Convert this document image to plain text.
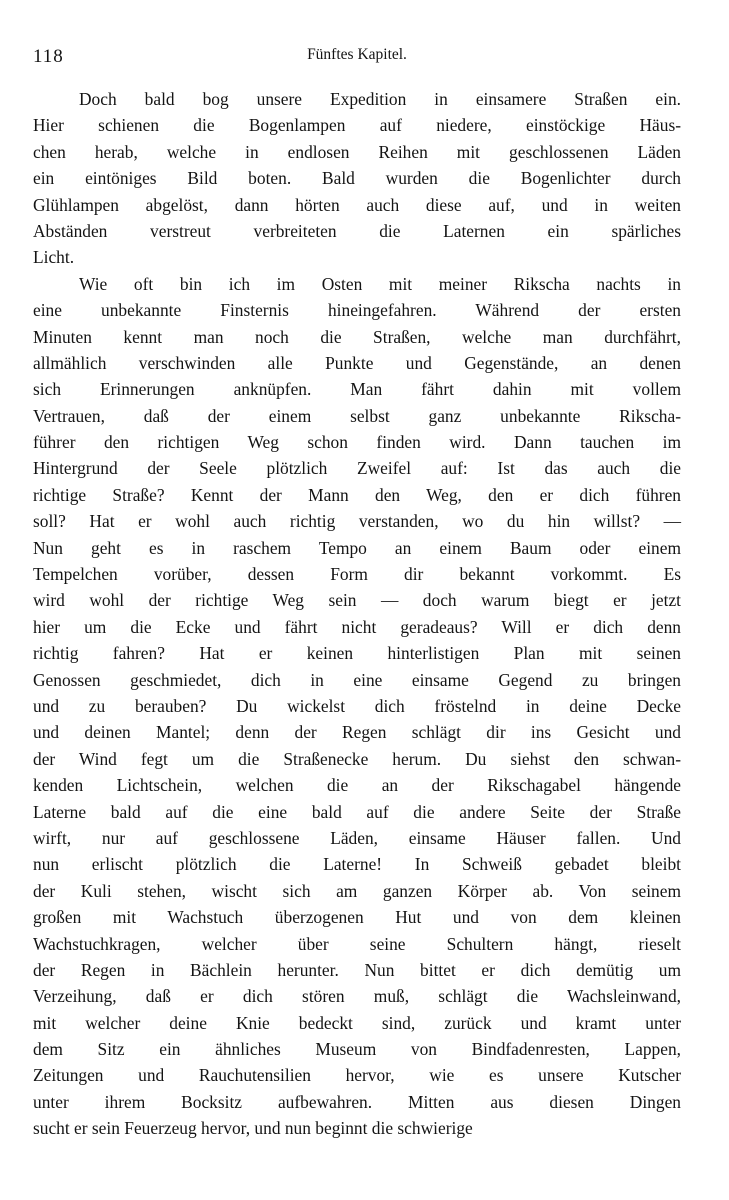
118	Fünftes Kapitel.
Doch bald bog unsere Expedition in einsamere Straßen ein.
Hier schienen die Bogenlampen auf niedere, einstöckige Häus-
chen herab, welche in endlosen Reihen mit geschlossenen Läden
ein eintöniges Bild boten. Bald wurden die Bogenlichter durch
Glühlampen abgelöst, dann hörten auch diese auf, und in weiten
Abständen verstreut verbreiteten die Laternen ein spärliches
Licht.
Wie oft bin ich im Osten mit meiner Rikscha nachts in
eine unbekannte Finsternis hineingefahren. Während der ersten
Minuten kennt man noch die Straßen, welche man durchfährt,
allmählich verschwinden alle Punkte und Gegenstände, an denen
sich Erinnerungen anknüpfen. Man fährt dahin mit vollem
Vertrauen, daß der einem selbst ganz unbekannte Rikscha-
führer den richtigen Weg schon finden wird. Dann tauchen im
Hintergrund der Seele plötzlich Zweifel auf: Ist das auch die
richtige Straße? Kennt der Mann den Weg, den er dich führen
soll? Hat er wohl auch richtig verstanden, wo du hin willst? —
Nun geht es in raschem Tempo an einem Baum oder einem
Tempelchen vorüber, dessen Form dir bekannt vorkommt. Es
wird wohl der richtige Weg sein — doch warum biegt er jetzt
hier um die Ecke und fährt nicht geradeaus? Will er dich denn
richtig fahren? Hat er keinen hinterlistigen Plan mit seinen
Genossen geschmiedet, dich in eine einsame Gegend zu bringen
und zu berauben? Du wickelst dich fröstelnd in deine Decke
und deinen Mantel; denn der Regen schlägt dir ins Gesicht und
der Wind fegt um die Straßenecke herum. Du siehst den schwan-
kenden Lichtschein, welchen die an der Rikschagabel hängende
Laterne bald auf die eine bald auf die andere Seite der Straße
wirft, nur auf geschlossene Läden, einsame Häuser fallen. Und
nun erlischt plötzlich die Laterne! In Schweiß gebadet bleibt
der Kuli stehen, wischt sich am ganzen Körper ab. Von seinem
großen mit Wachstuch überzogenen Hut und von dem kleinen
Wachstuchkragen, welcher über seine Schultern hängt, rieselt
der Regen in Bächlein herunter. Nun bittet er dich demütig um
Verzeihung, daß er dich stören muß, schlägt die Wachsleinwand,
mit welcher deine Knie bedeckt sind, zurück und kramt unter
dem Sitz ein ähnliches Museum von Bindfadenresten, Lappen,
Zeitungen und Rauchutensilien hervor, wie es unsere Kutscher
unter ihrem Bocksitz aufbewahren. Mitten aus diesen Dingen
sucht er sein Feuerzeug hervor, und nun beginnt die schwierige
